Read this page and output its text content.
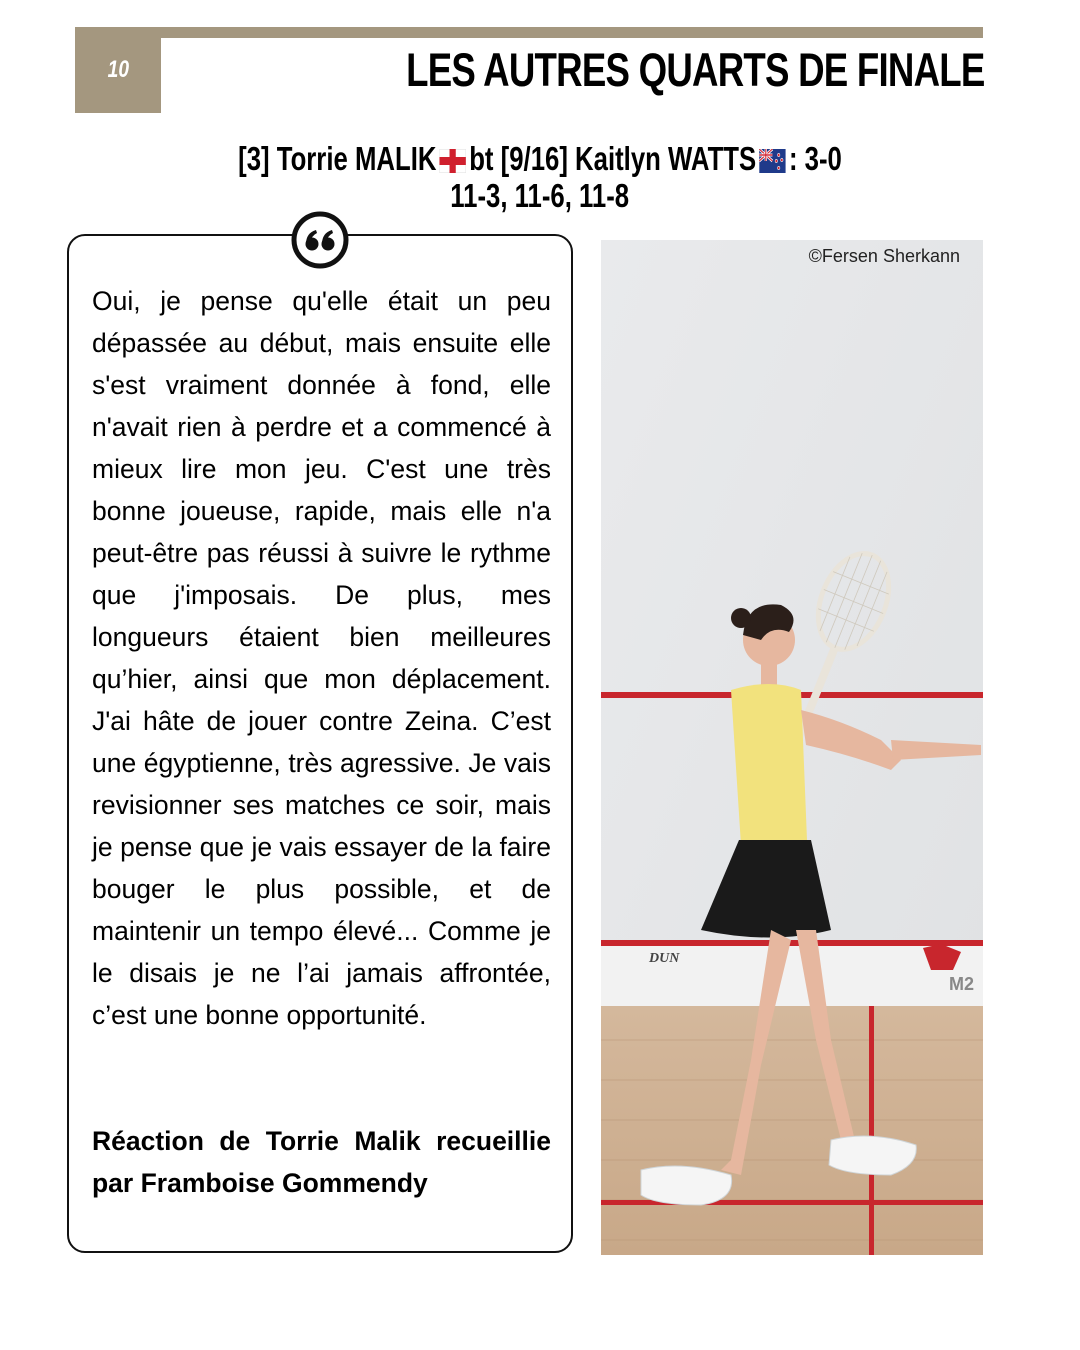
10	LES AUTRES QUARTS DE FINALE
[3] Torrie MALIK bt [9/16] Kaitlyn WATTS : 3-0
11-3, 11-6, 11-8
Oui, je pense qu'elle était un peu dépassée au début, mais ensuite elle s'est vraiment donnée à fond, elle n'avait rien à perdre et a commencé à mieux lire mon jeu. C'est une très bonne joueuse, rapide, mais elle n'a peut-être pas réussi à suivre le rythme que j'imposais. De plus, mes longueurs étaient bien meilleures qu’hier, ainsi que mon déplacement. J'ai hâte de jouer contre Zeina. C’est une égyptienne, très agressive. Je vais revisionner ses matches ce soir, mais je pense que je vais essayer de la faire bouger le plus possible, et de maintenir un tempo élevé... Comme je le disais je ne l’ai jamais affrontée, c’est une bonne opportunité.
Réaction de Torrie Malik recueillie par Framboise Gommendy
DUN
M2
©Fersen Sherkann
